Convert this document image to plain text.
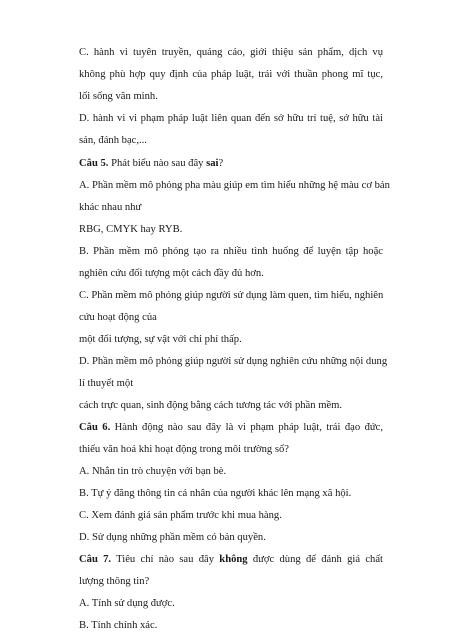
C. hành vi tuyên truyền, quảng cáo, giới thiệu sản phẩm, dịch vụ
không phù hợp quy định của pháp luật, trái với thuần phong mĩ tục,
lối sống văn minh.
D. hành vi vi phạm pháp luật liên quan đến sở hữu trí tuệ, sở hữu tài
sản, đánh bạc,...
Câu 5. Phát biểu nào sau đây sai?
A. Phần mềm mô phỏng pha màu giúp em tìm hiểu những hệ màu cơ bản
khác nhau như
RBG, CMYK hay RYB.
B. Phần mềm mô phỏng tạo ra nhiều tình huống để luyện tập hoặc
nghiên cứu đối tượng một cách đầy đủ hơn.
C. Phần mềm mô phỏng giúp người sử dụng làm quen, tìm hiểu, nghiên
cứu hoạt động của
một đối tượng, sự vật với chi phí thấp.
D. Phần mềm mô phỏng giúp người sử dụng nghiên cứu những nội dung
lí thuyết một
cách trực quan, sinh động bằng cách tương tác với phần mềm.
Câu 6. Hành động nào sau đây là vi phạm pháp luật, trái đạo đức,
thiếu văn hoá khi hoạt động trong môi trường số?
A. Nhắn tin trò chuyện với bạn bè.
B. Tự ý đăng thông tin cá nhân của người khác lên mạng xã hội.
C. Xem đánh giá sản phẩm trước khi mua hàng.
D. Sử dụng những phần mềm có bản quyền.
Câu 7. Tiêu chí nào sau đây không được dùng để đánh giá chất
lượng thông tin?
A. Tính sử dụng được.
B. Tính chính xác.
